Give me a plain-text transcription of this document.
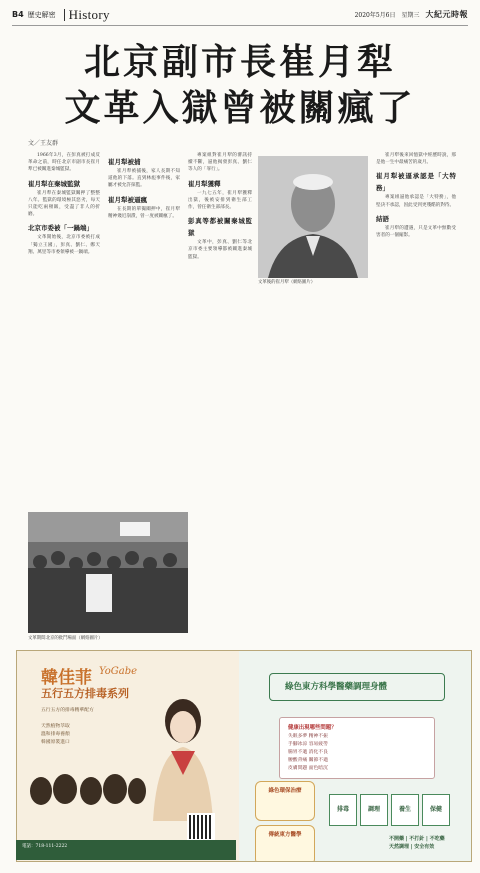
B4 歷史解密 History	2020年5月6日 星期三 大紀元時報
北京副市長崔月犁
文革入獄曾被關瘋了
文／王友群

1966年3月，在彭真被打成反革命之前，時任北京市副市長崔月犁已被關進秦城監獄。

崔月犁在秦城監獄

崔月犁在秦城監獄關押了整整八年。監獄的環境極其惡劣，每天只能吃兩頓飯，受盡了非人的折磨。

北京市委被「一鍋端」

文革開始後，北京市委被打成「獨立王國」，彭真、劉仁、鄭天翔、萬里等市委領導被一鍋端。

崔月犁被捕

崔月犁被捕後，家人長期不知道他的下落。直到林彪事件後，家屬才被允許探監。

崔月犁被逼瘋

在長期的單獨關押中，崔月犁精神幾近崩潰，曾一度被關瘋了。

專案組對崔月犁的審訊持續不斷，逼他揭發彭真、劉仁等人的「罪行」。

崔月犁獲釋

一九七五年，崔月犁獲釋出獄，後被安排到衛生部工作，曾任衛生部部長。

彭真等都被關秦城監獄

文革中，彭真、劉仁等北京市委主要領導都被關進秦城監獄。

崔月犁後來回憶獄中經歷時說，那是他一生中最痛苦的歲月。

崔月犁被逼承認是「大特務」

專案組逼他承認是「大特務」，他堅決不承認，因此受到更殘酷的對待。

結語

崔月犁的遭遇，只是文革中無數受害者的一個縮影。

文革後的崔月犁（網絡圖片）
文革期間北京的批鬥場面（網絡圖片）
韓佳菲 YoGabe
五行五方排毒系列
五行五方的排毒精華配方
天然植物萃取
溫和排毒養顏
韓國原裝進口
綠色東方科學醫藥調理身體
健康出現哪些問題？
失眠多夢 精神不振
手腳冰涼 容易疲勞
腸胃不適 消化不良
腰酸背痛 關節不適
皮膚問題 面色暗沉
綠色環保治療
傳統東方醫學
排毒	調理	養生	保健
不開藥 | 不打針 | 不吃藥
天然調理 | 安全有效
電話：718-111-2222
